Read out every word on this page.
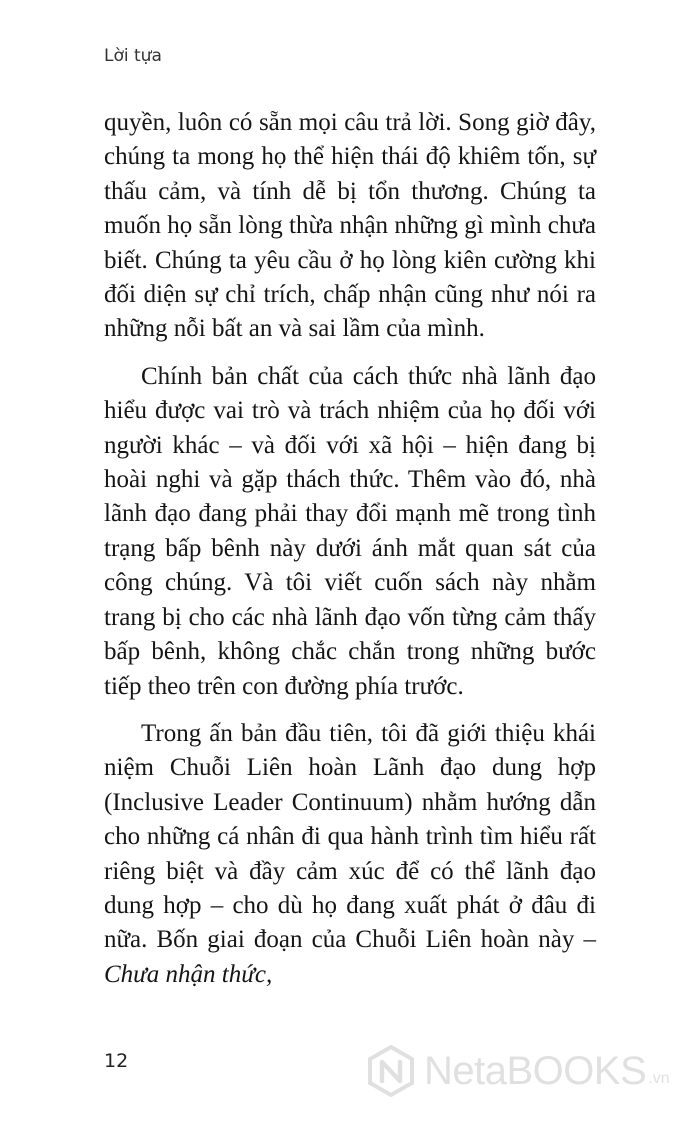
Lời tựa

quyền, luôn có sẵn mọi câu trả lời. Song giờ đây, chúng ta mong họ thể hiện thái độ khiêm tốn, sự thấu cảm, và tính dễ bị tổn thương. Chúng ta muốn họ sẵn lòng thừa nhận những gì mình chưa biết. Chúng ta yêu cầu ở họ lòng kiên cường khi đối diện sự chỉ trích, chấp nhận cũng như nói ra những nỗi bất an và sai lầm của mình.

Chính bản chất của cách thức nhà lãnh đạo hiểu được vai trò và trách nhiệm của họ đối với người khác – và đối với xã hội – hiện đang bị hoài nghi và gặp thách thức. Thêm vào đó, nhà lãnh đạo đang phải thay đổi mạnh mẽ trong tình trạng bấp bênh này dưới ánh mắt quan sát của công chúng. Và tôi viết cuốn sách này nhằm trang bị cho các nhà lãnh đạo vốn từng cảm thấy bấp bênh, không chắc chắn trong những bước tiếp theo trên con đường phía trước.

Trong ấn bản đầu tiên, tôi đã giới thiệu khái niệm Chuỗi Liên hoàn Lãnh đạo dung hợp (Inclusive Leader Continuum) nhằm hướng dẫn cho những cá nhân đi qua hành trình tìm hiểu rất riêng biệt và đầy cảm xúc để có thể lãnh đạo dung hợp – cho dù họ đang xuất phát ở đâu đi nữa. Bốn giai đoạn của Chuỗi Liên hoàn này – Chưa nhận thức,

12	NetaBOOKS .vn
